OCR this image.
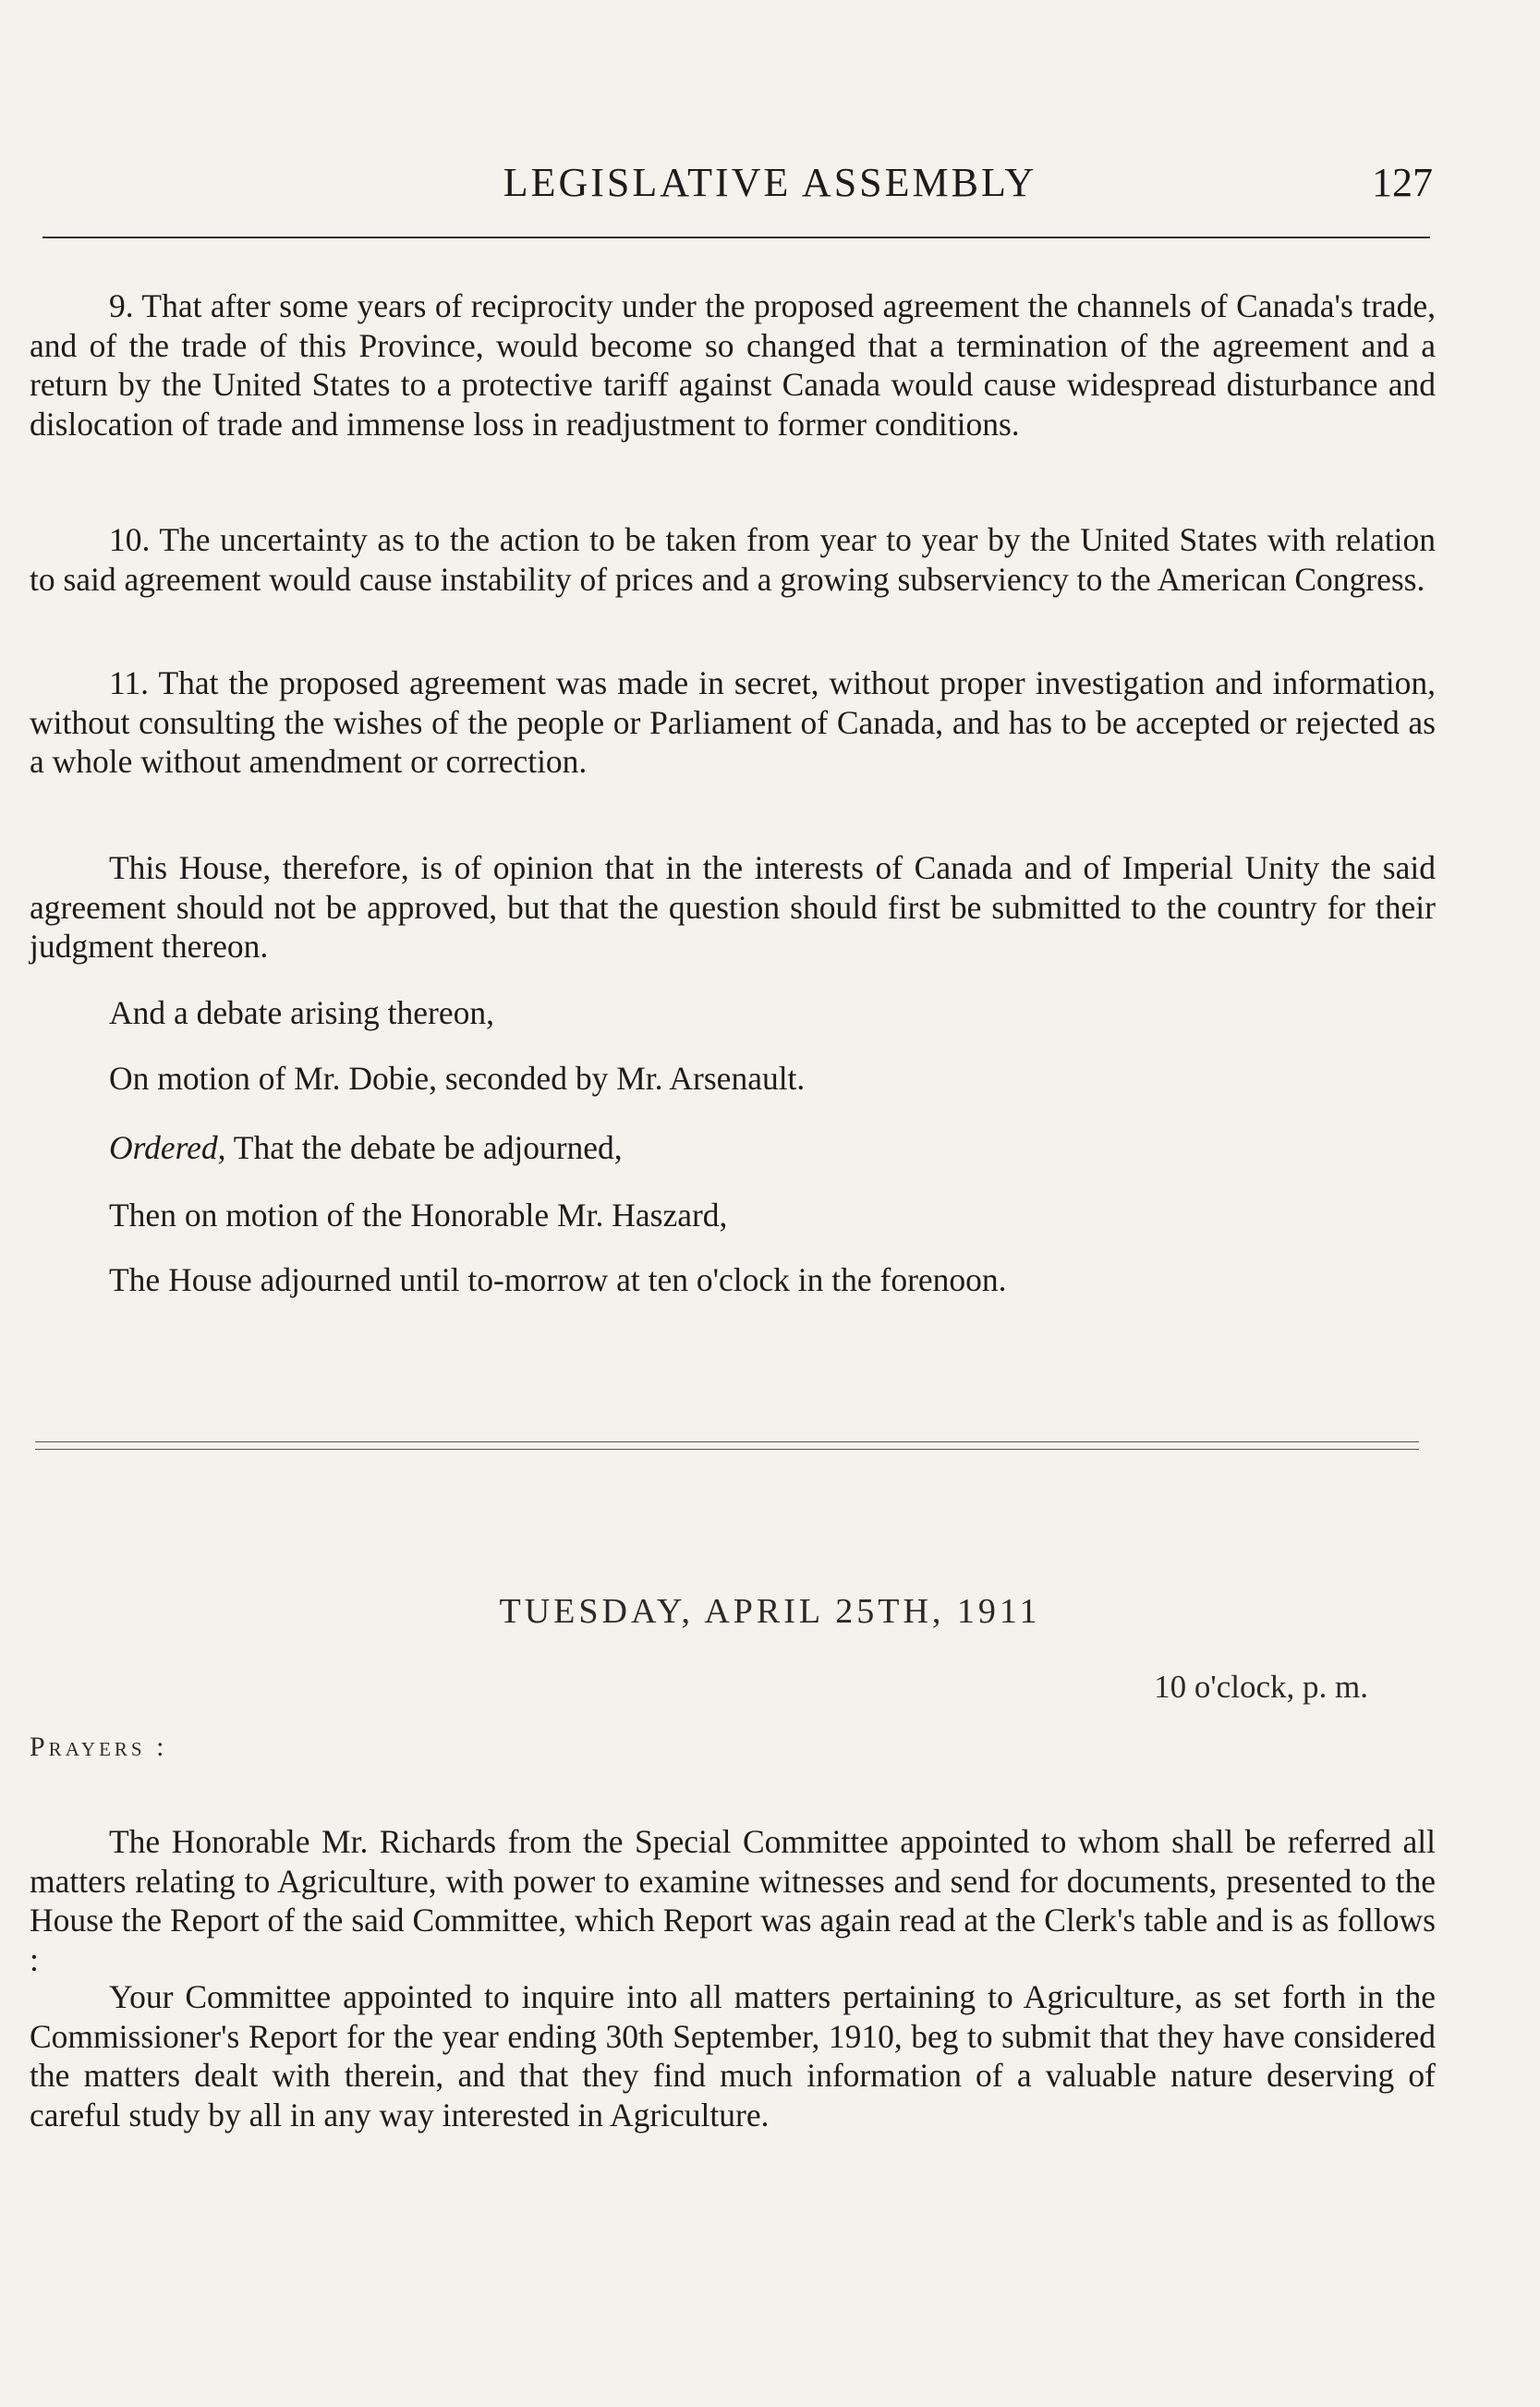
LEGISLATIVE ASSEMBLY	127

9. That after some years of reciprocity under the proposed agreement the channels of Canada's trade, and of the trade of this Province, would become so changed that a termination of the agreement and a return by the United States to a protective tariff against Canada would cause widespread disturbance and dislocation of trade and immense loss in readjustment to former conditions.

10. The uncertainty as to the action to be taken from year to year by the United States with relation to said agreement would cause instability of prices and a growing subserviency to the American Congress.

11. That the proposed agreement was made in secret, without proper investigation and information, without consulting the wishes of the people or Parliament of Canada, and has to be accepted or rejected as a whole without amendment or correction.

This House, therefore, is of opinion that in the interests of Canada and of Imperial Unity the said agreement should not be approved, but that the question should first be submitted to the country for their judgment thereon.

And a debate arising thereon,

On motion of Mr. Dobie, seconded by Mr. Arsenault.

Ordered, That the debate be adjourned,

Then on motion of the Honorable Mr. Haszard,

The House adjourned until to-morrow at ten o'clock in the forenoon.

TUESDAY, APRIL 25TH, 1911
10 o'clock, p. m.
Prayers :

The Honorable Mr. Richards from the Special Committee appointed to whom shall be referred all matters relating to Agriculture, with power to examine witnesses and send for documents, presented to the House the Report of the said Committee, which Report was again read at the Clerk's table and is as follows :

Your Committee appointed to inquire into all matters pertaining to Agriculture, as set forth in the Commissioner's Report for the year ending 30th September, 1910, beg to submit that they have considered the matters dealt with therein, and that they find much information of a valuable nature deserving of careful study by all in any way interested in Agriculture.
